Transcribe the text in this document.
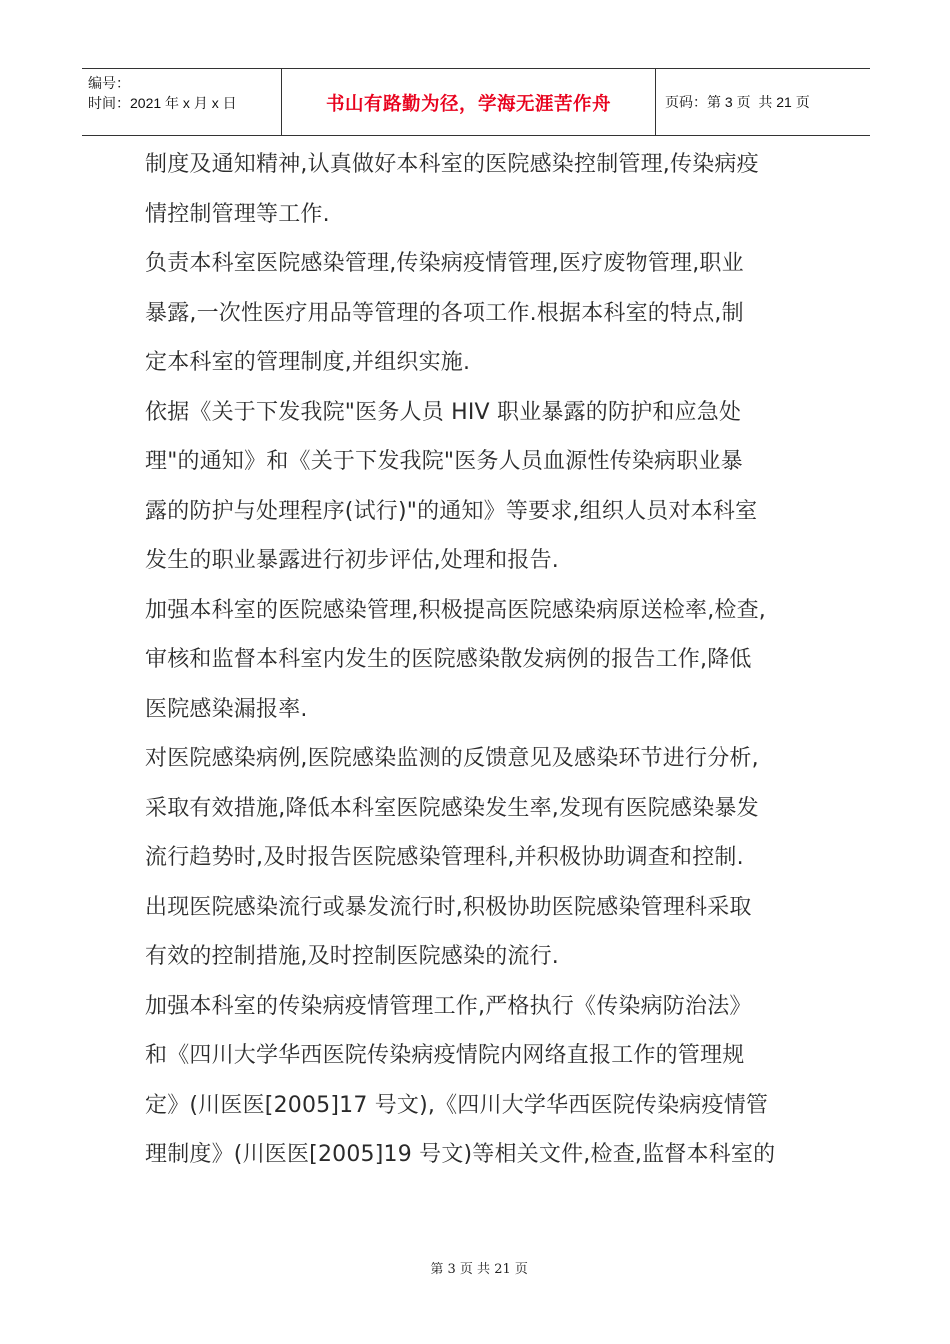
编号：
时间：2021 年 x 月 x 日	书山有路勤为径，学海无涯苦作舟	页码：第 3 页  共 21 页
制度及通知精神,认真做好本科室的医院感染控制管理,传染病疫
情控制管理等工作.
负责本科室医院感染管理,传染病疫情管理,医疗废物管理,职业
暴露,一次性医疗用品等管理的各项工作.根据本科室的特点,制
定本科室的管理制度,并组织实施.
依据《关于下发我院"医务人员 HIV 职业暴露的防护和应急处
理"的通知》和《关于下发我院"医务人员血源性传染病职业暴
露的防护与处理程序(试行)"的通知》等要求,组织人员对本科室
发生的职业暴露进行初步评估,处理和报告.
加强本科室的医院感染管理,积极提高医院感染病原送检率,检查,
审核和监督本科室内发生的医院感染散发病例的报告工作,降低
医院感染漏报率.
对医院感染病例,医院感染监测的反馈意见及感染环节进行分析,
采取有效措施,降低本科室医院感染发生率,发现有医院感染暴发
流行趋势时,及时报告医院感染管理科,并积极协助调查和控制.
出现医院感染流行或暴发流行时,积极协助医院感染管理科采取
有效的控制措施,及时控制医院感染的流行.
加强本科室的传染病疫情管理工作,严格执行《传染病防治法》
和《四川大学华西医院传染病疫情院内网络直报工作的管理规
定》(川医医[2005]17 号文),《四川大学华西医院传染病疫情管
理制度》(川医医[2005]19 号文)等相关文件,检查,监督本科室的

第 3 页 共 21 页
